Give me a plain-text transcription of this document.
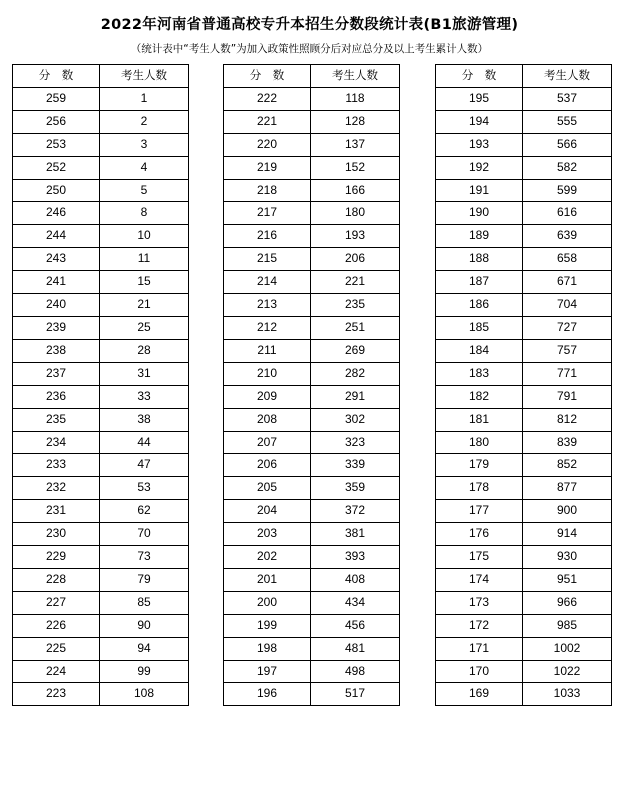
2022年河南省普通高校专升本招生分数段统计表(B1旅游管理)
（统计表中“考生人数”为加入政策性照顾分后对应总分及以上考生累计人数）
分　数	考生人数
259	1
256	2
253	3
252	4
250	5
246	8
244	10
243	11
241	15
240	21
239	25
238	28
237	31
236	33
235	38
234	44
233	47
232	53
231	62
230	70
229	73
228	79
227	85
226	90
225	94
224	99
223	108
分　数	考生人数
222	118
221	128
220	137
219	152
218	166
217	180
216	193
215	206
214	221
213	235
212	251
211	269
210	282
209	291
208	302
207	323
206	339
205	359
204	372
203	381
202	393
201	408
200	434
199	456
198	481
197	498
196	517
分　数	考生人数
195	537
194	555
193	566
192	582
191	599
190	616
189	639
188	658
187	671
186	704
185	727
184	757
183	771
182	791
181	812
180	839
179	852
178	877
177	900
176	914
175	930
174	951
173	966
172	985
171	1002
170	1022
169	1033
